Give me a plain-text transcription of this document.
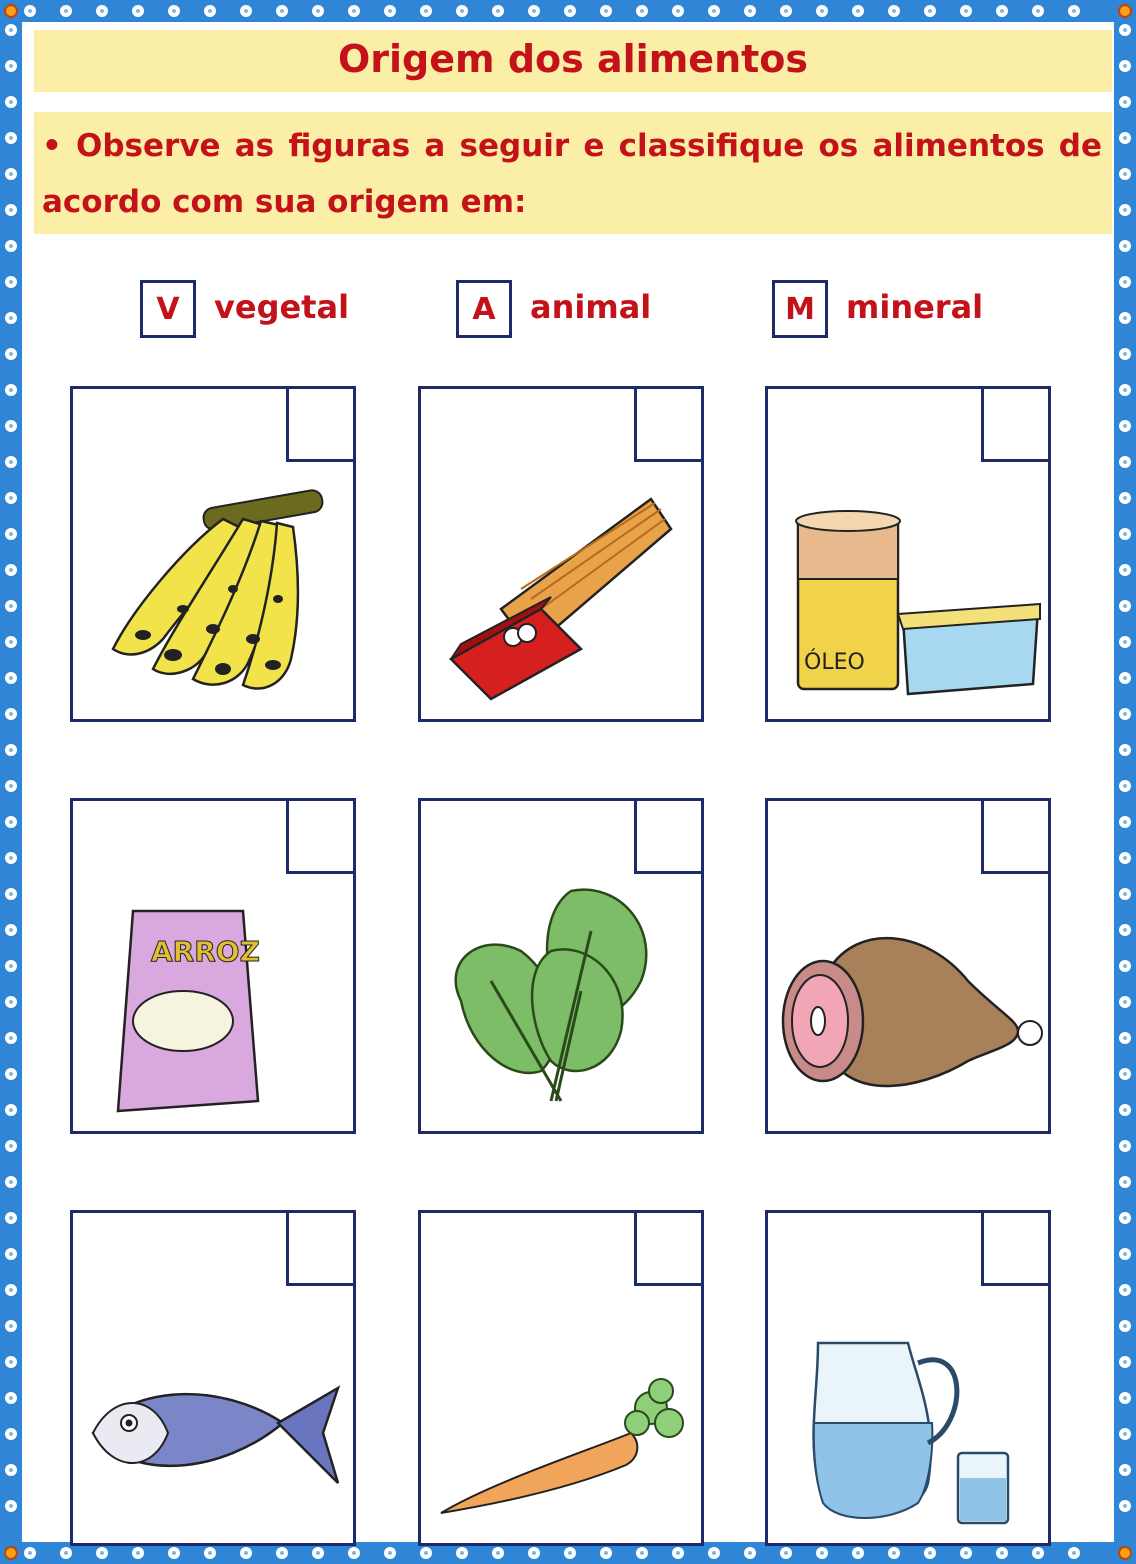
Origem dos alimentos
• Observe as figuras a seguir e classifique os alimentos de acordo com sua origem em:
V	vegetal	A	animal	M mineral
ÓLEO
ARROZ
